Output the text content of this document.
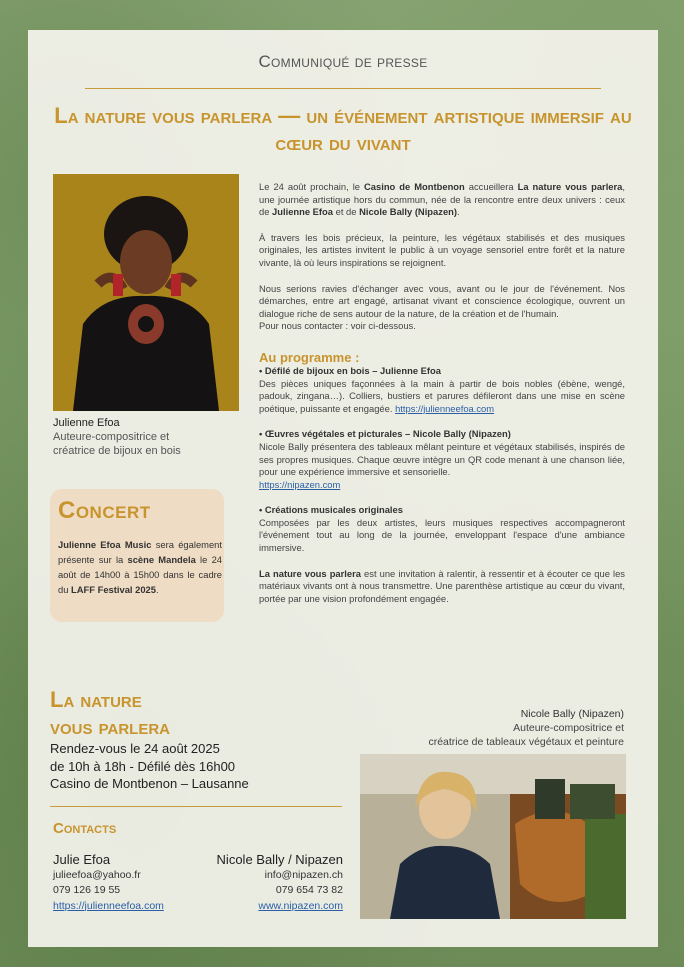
Communiqué de presse
La nature vous parlera — un événement artistique immersif au cœur du vivant
Julienne Efoa
Auteure-compositrice et
créatrice de bijoux en bois

Le 24 août prochain, le Casino de Montbenon accueillera La nature vous parlera, une journée artistique hors du commun, née de la rencontre entre deux univers : ceux de Julienne Efoa et de Nicole Bally (Nipazen).

À travers les bois précieux, la peinture, les végétaux stabilisés et des musiques originales, les artistes invitent le public à un voyage sensoriel entre forêt et la nature vivante, là où leurs inspirations se rejoignent.

Nous serions ravies d'échanger avec vous, avant ou le jour de l'événement. Nos démarches, entre art engagé, artisanat vivant et conscience écologique, ouvrent un dialogue riche de sens autour de la nature, de la création et de l'humain.

Pour nous contacter : voir ci-dessous.

Au programme :
• Défilé de bijoux en bois – Julienne Efoa
Des pièces uniques façonnées à la main à partir de bois nobles (ébène, wengé, padouk, zingana…). Colliers, bustiers et parures défileront dans une mise en scène poétique, puissante et engagée. https://julienneefoa.com
• Œuvres végétales et picturales – Nicole Bally (Nipazen)
Nicole Bally présentera des tableaux mêlant peinture et végétaux stabilisés, inspirés de ses propres musiques. Chaque œuvre intègre un QR code menant à une chanson liée, pour une expérience immersive et sensorielle.
https://nipazen.com
• Créations musicales originales
Composées par les deux artistes, leurs musiques respectives accompagneront l'événement tout au long de la journée, enveloppant l'espace d'une ambiance immersive.

La nature vous parlera est une invitation à ralentir, à ressentir et à écouter ce que les matériaux vivants ont à nous transmettre. Une parenthèse artistique au cœur du vivant, portée par une vision profondément engagée.

Concert
Julienne Efoa Music sera également présente sur la scène Mandela le 24 août de 14h00 à 15h00 dans le cadre du LAFF Festival 2025.
La nature
vous parlera
Rendez-vous le 24 août 2025
de 10h à 18h - Défilé dès 16h00
Casino de Montbenon – Lausanne
Contacts
Julie Efoa
julieefoa@yahoo.fr
079 126 19 55
https://julienneefoa.com
Nicole Bally / Nipazen
info@nipazen.ch
079 654 73 82
www.nipazen.com
Nicole Bally (Nipazen)
Auteure-compositrice et
créatrice de tableaux végétaux et peinture
